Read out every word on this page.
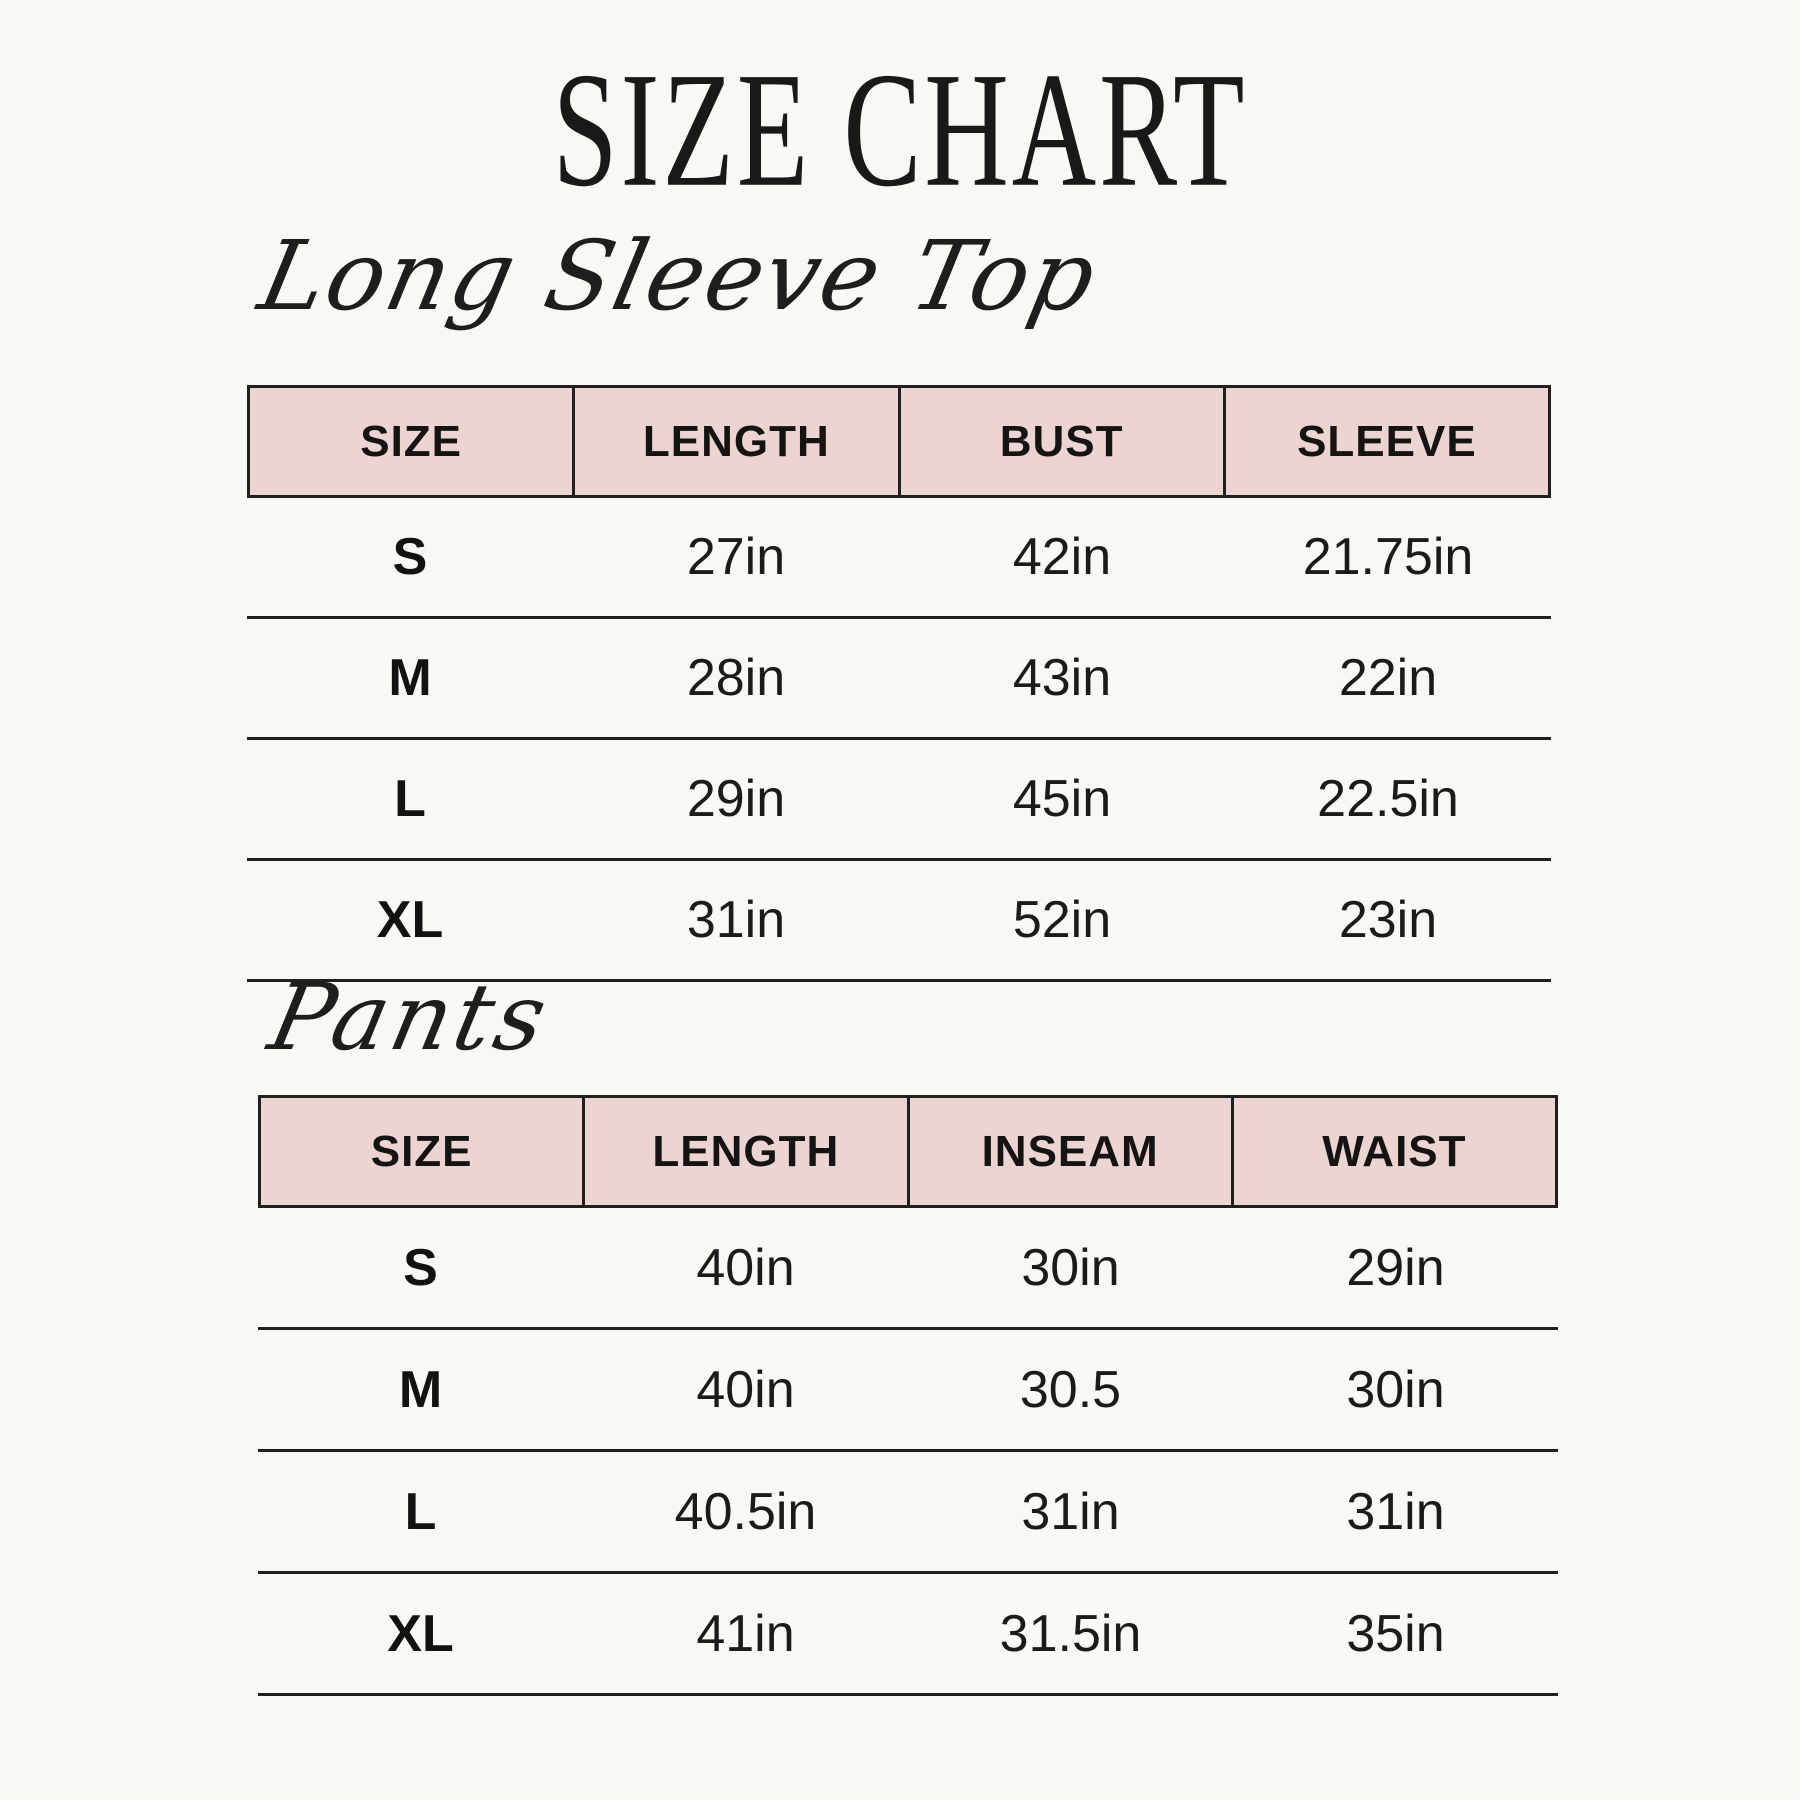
SIZE CHART
Long Sleeve Top
SIZE	LENGTH	BUST	SLEEVE
S	27in	42in	21.75in
M	28in	43in	22in
L	29in	45in	22.5in
XL	31in	52in	23in
Pants
SIZE	LENGTH	INSEAM	WAIST
S	40in	30in	29in
M	40in	30.5	30in
L	40.5in	31in	31in
XL	41in	31.5in	35in
